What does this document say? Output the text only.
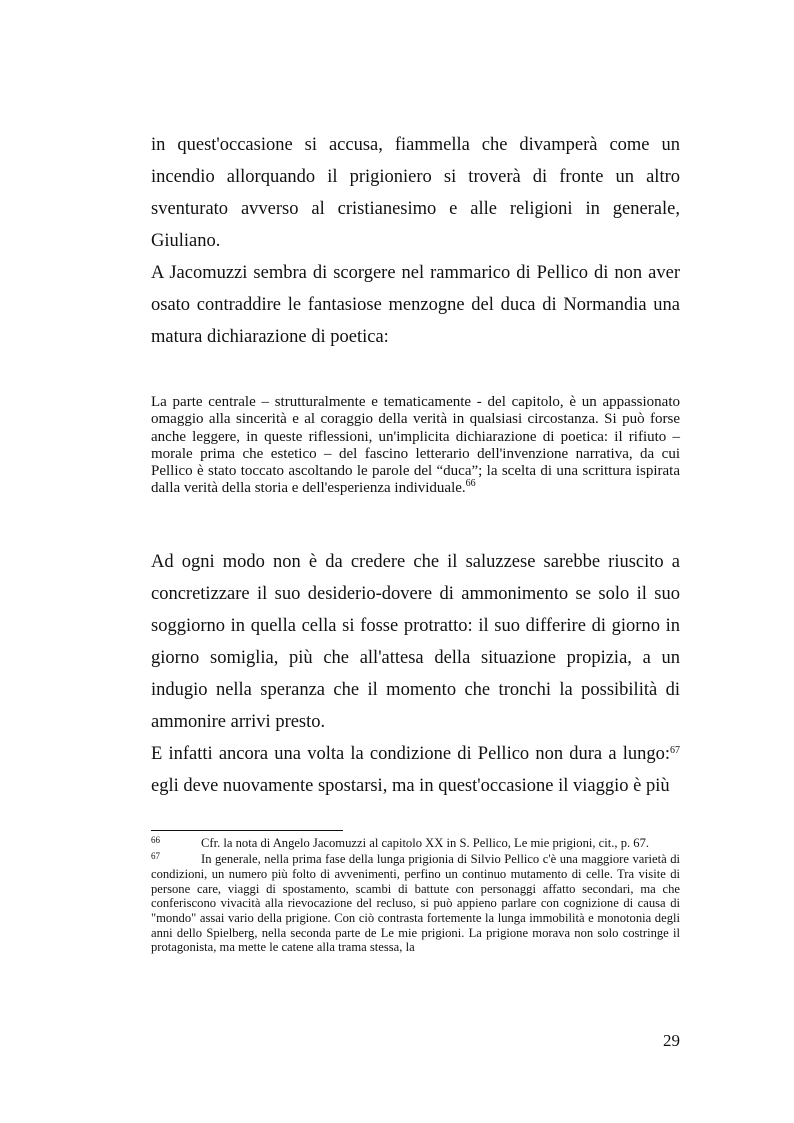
in quest'occasione si accusa, fiammella che divamperà come un incendio allorquando il prigioniero si troverà di fronte un altro sventurato avverso al cristianesimo e alle religioni in generale, Giuliano.

A Jacomuzzi sembra di scorgere nel rammarico di Pellico di non aver osato contraddire le fantasiose menzogne del duca di Normandia una matura dichiarazione di poetica:

La parte centrale – strutturalmente e tematicamente - del capitolo, è un appassionato omaggio alla sincerità e al coraggio della verità in qualsiasi circostanza. Si può forse anche leggere, in queste riflessioni, un'implicita dichiarazione di poetica: il rifiuto – morale prima che estetico – del fascino letterario dell'invenzione narrativa, da cui Pellico è stato toccato ascoltando le parole del “duca”; la scelta di una scrittura ispirata dalla verità della storia e dell'esperienza individuale.$^{66}$

Ad ogni modo non è da credere che il saluzzese sarebbe riuscito a concretizzare il suo desiderio-dovere di ammonimento se solo il suo soggiorno in quella cella si fosse protratto: il suo differire di giorno in giorno somiglia, più che all'attesa della situazione propizia, a un indugio nella speranza che il momento che tronchi la possibilità di ammonire arrivi presto.

E infatti ancora una volta la condizione di Pellico non dura a lungo:$^{67}$ egli deve nuovamente spostarsi, ma in quest'occasione il viaggio è più

$^{66}$	Cfr. la nota di Angelo Jacomuzzi al capitolo XX in S. Pellico, Le mie prigioni, cit., p. 67.

$^{67}$	In generale, nella prima fase della lunga prigionia di Silvio Pellico c'è una maggiore varietà di condizioni, un numero più folto di avvenimenti, perfino un continuo mutamento di celle. Tra visite di persone care, viaggi di spostamento, scambi di battute con personaggi affatto secondari, ma che conferiscono vivacità alla rievocazione del recluso, si può appieno parlare con cognizione di causa di "mondo" assai vario della prigione. Con ciò contrasta fortemente la lunga immobilità e monotonia degli anni dello Spielberg, nella seconda parte de Le mie prigioni. La prigione morava non solo costringe il protagonista, ma mette le catene alla trama stessa, la

29
